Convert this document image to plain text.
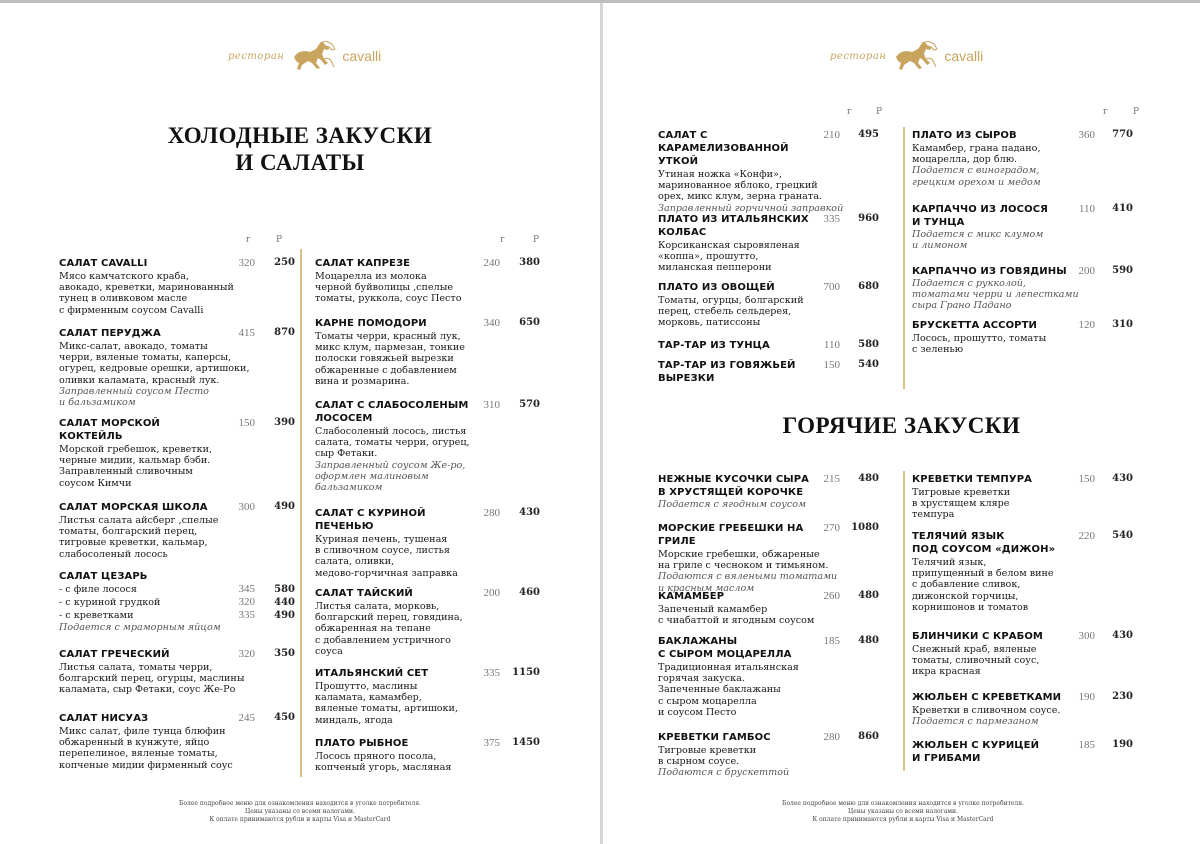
ресторан	cavalli
ХОЛОДНЫЕ ЗАКУСКИ
И САЛАТЫ
г	Р	г	Р
САЛАТ CAVALLI	320	250
Мясо камчатского краба,
авокадо, креветки, маринованный
тунец в оливковом масле
с фирменным соусом Cavalli
САЛАТ ПЕРУДЖА	415	870
Микс-салат, авокадо, томаты
черри, вяленые томаты, каперсы,
огурец, кедровые орешки, артишоки,
оливки каламата, красный лук.
Заправленный соусом Песто
и бальзамиком
САЛАТ МОРСКОЙ
КОКТЕЙЛЬ
150	390
Морской гребешок, креветки,
черные мидии, кальмар бэби.
Заправленный сливочным
соусом Кимчи
САЛАТ МОРСКАЯ ШКОЛА	300	490
Листья салата айсберг ,спелые
томаты, болгарский перец,
тигровые креветки, кальмар,
слабосоленый лосось
САЛАТ ЦЕЗАРЬ
- с филе лосося	345	580
- с куриной грудкой	320	440
- с креветками	335	490
Подается с мраморным яйцом
САЛАТ ГРЕЧЕСКИЙ	320	350
Листья салата, томаты черри,
болгарский перец, огурцы, маслины
каламата, сыр Фетаки, соус Же-Ро
САЛАТ НИСУАЗ	245	450
Микс салат, филе тунца блюфин
обжаренный в кунжуте, яйцо
перепелиное, вяленые томаты,
копченые мидии фирменный соус
САЛАТ КАПРЕЗЕ	240	380
Моцарелла из молока
черной буйволицы ,спелые
томаты, руккола, соус Песто
КАРНЕ ПОМОДОРИ	340	650
Томаты черри, красный лук,
микс клум, пармезан, тонкие
полоски говяжьей вырезки
обжаренные с добавлением
вина и розмарина.
САЛАТ С СЛАБОСОЛЕНЫМ
ЛОСОСЕМ
310	570
Слабосоленый лосось, листья
салата, томаты черри, огурец,
сыр Фетаки.
Заправленный соусом Же-ро,
оформлен малиновым
бальзамиком
САЛАТ С КУРИНОЙ
ПЕЧЕНЬЮ
280	430
Куриная печень, тушеная
в сливочном соусе, листья
салата, оливки,
медово-горчичная заправка
САЛАТ ТАЙСКИЙ	200	460
Листья салата, морковь,
болгарский перец, говядина,
обжаренная на тепане
с добавлением устричного
соуса
ИТАЛЬЯНСКИЙ СЕТ	335	1150
Прошутто, маслины
каламата, камамбер,
вяленые томаты, артишоки,
миндаль, ягода
ПЛАТО РЫБНОЕ	375	1450
Лосось пряного посола,
копченый угорь, масляная
Более подробное меню для ознакомления находится в уголке потребителя.
Цены указаны со всеми налогами.
К оплате принимаются рубли и карты Visa и MasterCard
ресторан	cavalli
г	Р	г	Р
САЛАТ С КАРАМЕЛИЗОВАННОЙ
УТКОЙ
210	495
Утиная ножка «Конфи»,
маринованное яблоко, грецкий
орех, микс клум, зерна граната.
Заправленный горчичной заправкой
ПЛАТО ИЗ ИТАЛЬЯНСКИХ
КОЛБАС
335	960
Корсиканская сыровяленая
«коппа», прошутто,
миланская пепперони
ПЛАТО ИЗ ОВОЩЕЙ	700	680
Томаты, огурцы, болгарский
перец, стебель сельдерея,
морковь, патиссоны
ТАР-ТАР ИЗ ТУНЦА	110	580
ТАР-ТАР ИЗ ГОВЯЖЬЕЙ
ВЫРЕЗКИ
150	540
ПЛАТО ИЗ СЫРОВ	360	770
Камамбер, грана падано,
моцарелла, дор блю.
Подается с виноградом,
грецким орехом и медом
КАРПАЧЧО ИЗ ЛОСОСЯ
И ТУНЦА
110	410
Подается с микс клумом
и лимоном
КАРПАЧЧО ИЗ ГОВЯДИНЫ	200	590
Подается с рукколой,
томатами черри и лепестками
сыра Грано Падано
БРУСКЕТТА АССОРТИ	120	310
Лосось, прошутто, томаты
с зеленью
ГОРЯЧИЕ ЗАКУСКИ
НЕЖНЫЕ КУСОЧКИ СЫРА
В ХРУСТЯЩЕЙ КОРОЧКЕ
215	480
Подается с ягодным соусом
МОРСКИЕ ГРЕБЕШКИ НА ГРИЛЕ
270	1080
Морские гребешки, обжареные
на гриле с чесноком и тимьяном.
Подаются с вялеными томатами
и красным маслом
КАМАМБЕР	260	480
Запеченый камамбер
с чиабаттой и ягодным соусом
БАКЛАЖАНЫ
С СЫРОМ МОЦАРЕЛЛА
185	480
Традиционная итальянская
горячая закуска.
Запеченные баклажаны
с сыром моцарелла
и соусом Песто
КРЕВЕТКИ ГАМБОС	280	860
Тигровые креветки
в сырном соусе.
Подаются с брускеттой
КРЕВЕТКИ ТЕМПУРА	150	430
Тигровые креветки
в хрустящем кляре
темпура
ТЕЛЯЧИЙ ЯЗЫК
ПОД СОУСОМ «ДИЖОН»
220	540
Телячий язык,
припущенный в белом вине
с добавление сливок,
дижонской горчицы,
корнишонов и томатов
БЛИНЧИКИ С КРАБОМ	300	430
Снежный краб, вяленые
томаты, сливочный соус,
икра красная
ЖЮЛЬЕН С КРЕВЕТКАМИ	190	230
Креветки в сливочном соусе.
Подается с пармезаном
ЖЮЛЬЕН С КУРИЦЕЙ
И ГРИБАМИ
185	190
Более подробное меню для ознакомления находится в уголке потребителя.
Цены указаны со всеми налогами.
К оплате принимаются рубли и карты Visa и MasterCard
